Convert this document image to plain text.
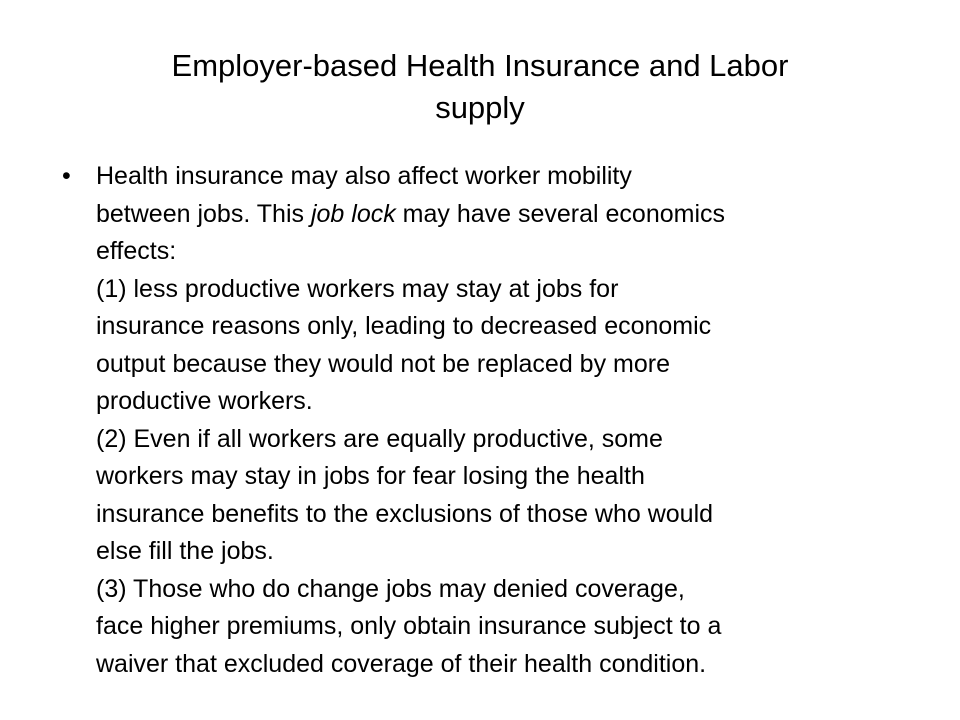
Employer-based Health Insurance and Labor
supply
• Health insurance may also affect worker mobility
between jobs. This job lock may have several economics
effects:
(1) less productive workers may stay at jobs for
insurance reasons only, leading to decreased economic
output because they would not be replaced by more
productive workers.
(2) Even if all workers are equally productive, some
workers may stay in jobs for fear losing the health
insurance benefits to the exclusions of those who would
else fill the jobs.
(3) Those who do change jobs may denied coverage,
face higher premiums, only obtain insurance subject to a
waiver that excluded coverage of their health condition.
